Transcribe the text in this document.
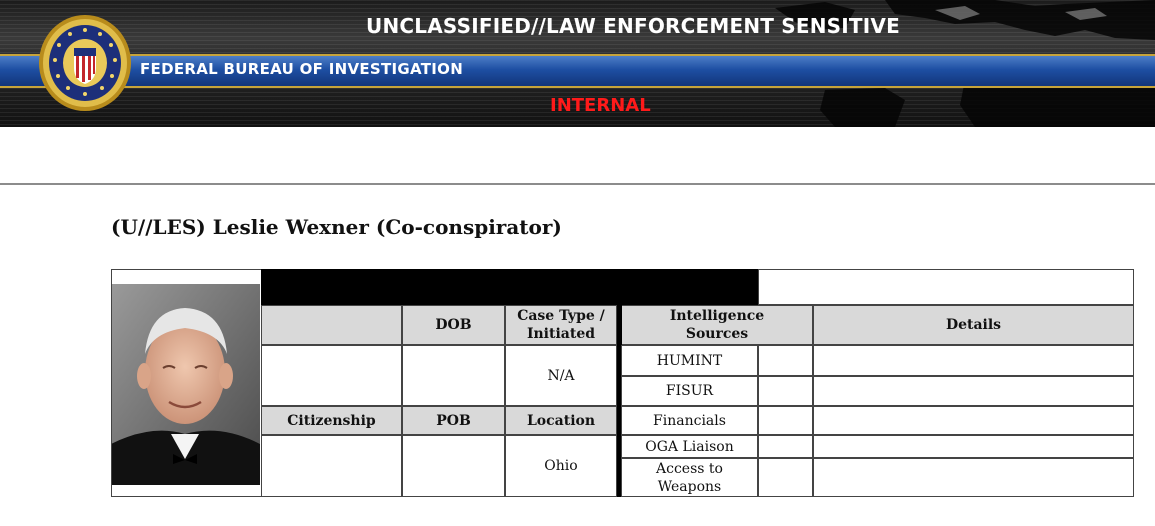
UNCLASSIFIED//LAW ENFORCEMENT SENSITIVE
FEDERAL BUREAU OF INVESTIGATION
INTERNAL
(U//LES) Leslie Wexner (Co-conspirator)
DOB
Case Type / Initiated
Intelligence Sources
Details
N/A
Citizenship	POB	Location
Ohio
HUMINT
FISUR
Financials
OGA Liaison
Access to Weapons
